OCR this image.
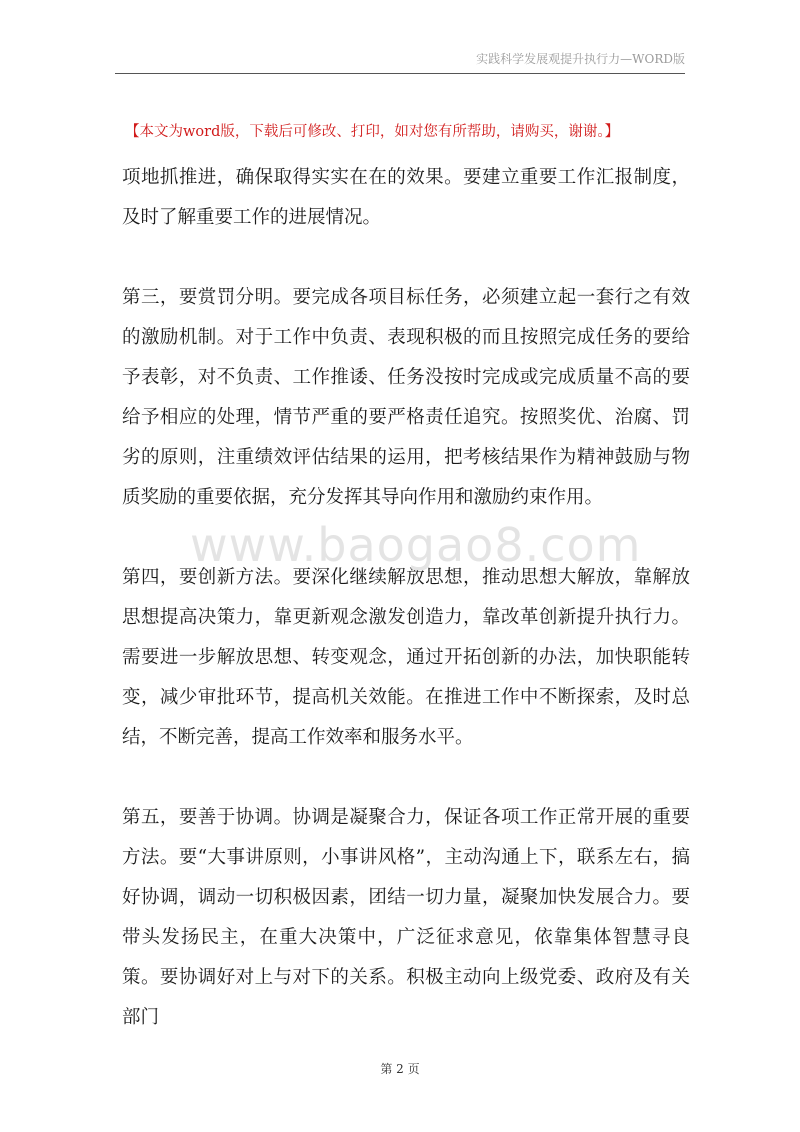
实践科学发展观提升执行力—WORD版
【本文为word版，下载后可修改、打印，如对您有所帮助，请购买，谢谢。】

项地抓推进，确保取得实实在在的效果。要建立重要工作汇报制度，及时了解重要工作的进展情况。

第三，要赏罚分明。要完成各项目标任务，必须建立起一套行之有效的激励机制。对于工作中负责、表现积极的而且按照完成任务的要给予表彰，对不负责、工作推诿、任务没按时完成或完成质量不高的要给予相应的处理，情节严重的要严格责任追究。按照奖优、治腐、罚劣的原则，注重绩效评估结果的运用，把考核结果作为精神鼓励与物质奖励的重要依据，充分发挥其导向作用和激励约束作用。

第四，要创新方法。要深化继续解放思想，推动思想大解放，靠解放思想提高决策力，靠更新观念激发创造力，靠改革创新提升执行力。需要进一步解放思想、转变观念，通过开拓创新的办法，加快职能转变，减少审批环节，提高机关效能。在推进工作中不断探索，及时总结，不断完善，提高工作效率和服务水平。

第五，要善于协调。协调是凝聚合力，保证各项工作正常开展的重要方法。要“大事讲原则，小事讲风格”，主动沟通上下，联系左右，搞好协调，调动一切积极因素，团结一切力量，凝聚加快发展合力。要带头发扬民主，在重大决策中，广泛征求意见，依靠集体智慧寻良策。要协调好对上与对下的关系。积极主动向上级党委、政府及有关部门

www.baogao8.com
第 2 页
